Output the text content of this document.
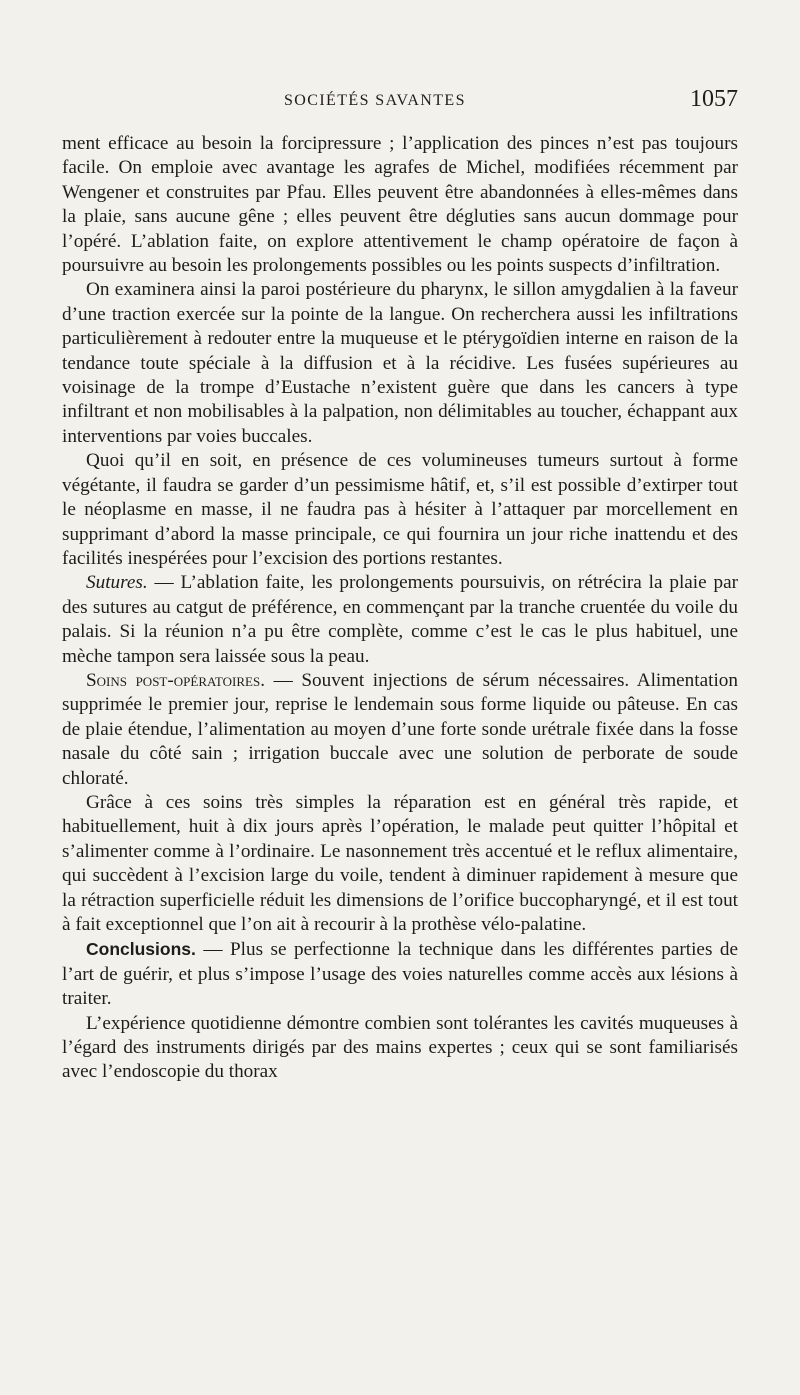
SOCIÉTÉS SAVANTES	1057

ment efficace au besoin la forcipressure ; l’application des pinces n’est pas toujours facile. On emploie avec avantage les agrafes de Michel, modifiées récemment par Wengener et construites par Pfau. Elles peuvent être abandonnées à elles-mêmes dans la plaie, sans aucune gêne ; elles peuvent être dégluties sans aucun dommage pour l’opéré. L’ablation faite, on explore attentivement le champ opératoire de façon à poursuivre au besoin les prolongements possibles ou les points suspects d’infiltration.

On examinera ainsi la paroi postérieure du pharynx, le sillon amygdalien à la faveur d’une traction exercée sur la pointe de la langue. On recherchera aussi les infiltrations particulièrement à redouter entre la muqueuse et le ptérygoïdien interne en raison de la tendance toute spéciale à la diffusion et à la récidive. Les fusées supérieures au voisinage de la trompe d’Eustache n’existent guère que dans les cancers à type infiltrant et non mobilisables à la palpation, non délimitables au toucher, échappant aux interventions par voies buccales.

Quoi qu’il en soit, en présence de ces volumineuses tumeurs surtout à forme végétante, il faudra se garder d’un pessimisme hâtif, et, s’il est possible d’extirper tout le néoplasme en masse, il ne faudra pas à hésiter à l’attaquer par morcellement en supprimant d’abord la masse principale, ce qui fournira un jour riche inattendu et des facilités inespérées pour l’excision des portions restantes.

Sutures. — L’ablation faite, les prolongements poursuivis, on rétrécira la plaie par des sutures au catgut de préférence, en commençant par la tranche cruentée du voile du palais. Si la réunion n’a pu être complète, comme c’est le cas le plus habituel, une mèche tampon sera laissée sous la peau.

Soins post-opératoires. — Souvent injections de sérum nécessaires. Alimentation supprimée le premier jour, reprise le lendemain sous forme liquide ou pâteuse. En cas de plaie étendue, l’alimentation au moyen d’une forte sonde urétrale fixée dans la fosse nasale du côté sain ; irrigation buccale avec une solution de perborate de soude chloraté.

Grâce à ces soins très simples la réparation est en général très rapide, et habituellement, huit à dix jours après l’opération, le malade peut quitter l’hôpital et s’alimenter comme à l’ordinaire. Le nasonnement très accentué et le reflux alimentaire, qui succèdent à l’excision large du voile, tendent à diminuer rapidement à mesure que la rétraction superficielle réduit les dimensions de l’orifice buccopharyngé, et il est tout à fait exceptionnel que l’on ait à recourir à la prothèse vélo-palatine.

Conclusions. — Plus se perfectionne la technique dans les différentes parties de l’art de guérir, et plus s’impose l’usage des voies naturelles comme accès aux lésions à traiter.

L’expérience quotidienne démontre combien sont tolérantes les cavités muqueuses à l’égard des instruments dirigés par des mains expertes ; ceux qui se sont familiarisés avec l’endoscopie du thorax
